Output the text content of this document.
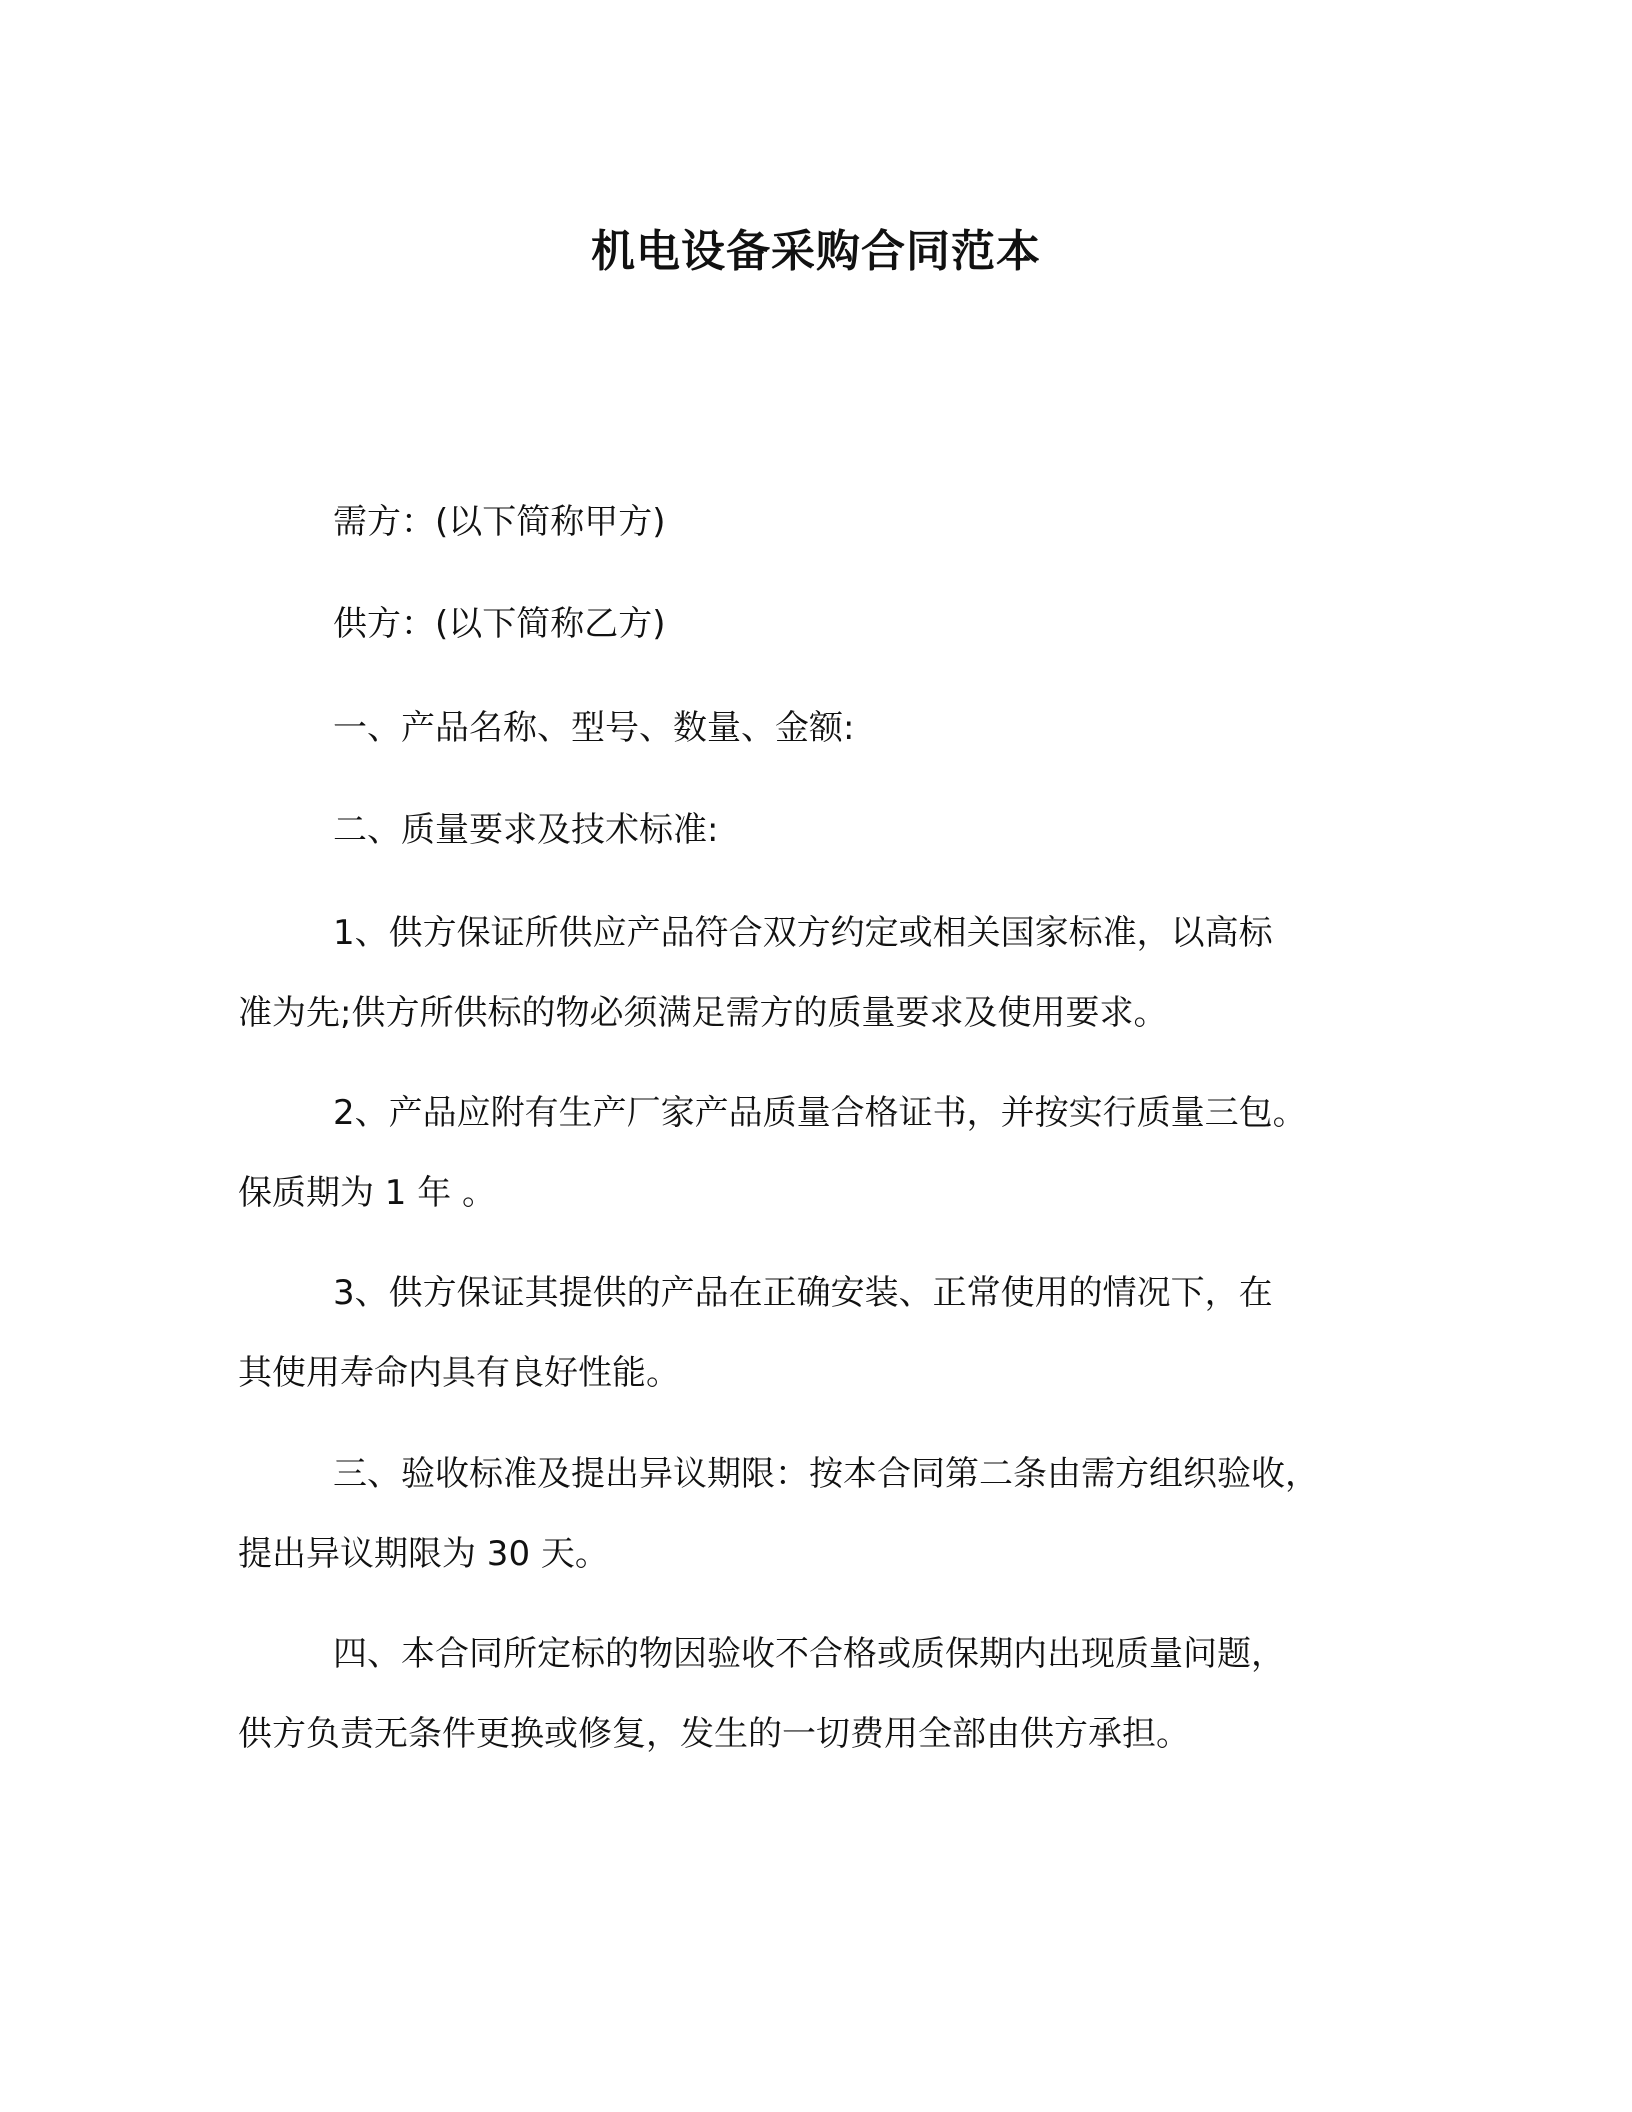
机电设备采购合同范本
需方：(以下简称甲方)
供方：(以下简称乙方)
一、产品名称、型号、数量、金额:
二、质量要求及技术标准:
1、供方保证所供应产品符合双方约定或相关国家标准，以高标
准为先;供方所供标的物必须满足需方的质量要求及使用要求。
2、产品应附有生产厂家产品质量合格证书，并按实行质量三包。
保质期为 1 年 。
3、供方保证其提供的产品在正确安装、正常使用的情况下，在
其使用寿命内具有良好性能。
三、验收标准及提出异议期限：按本合同第二条由需方组织验收，
提出异议期限为 30 天。
四、本合同所定标的物因验收不合格或质保期内出现质量问题，
供方负责无条件更换或修复，发生的一切费用全部由供方承担。
